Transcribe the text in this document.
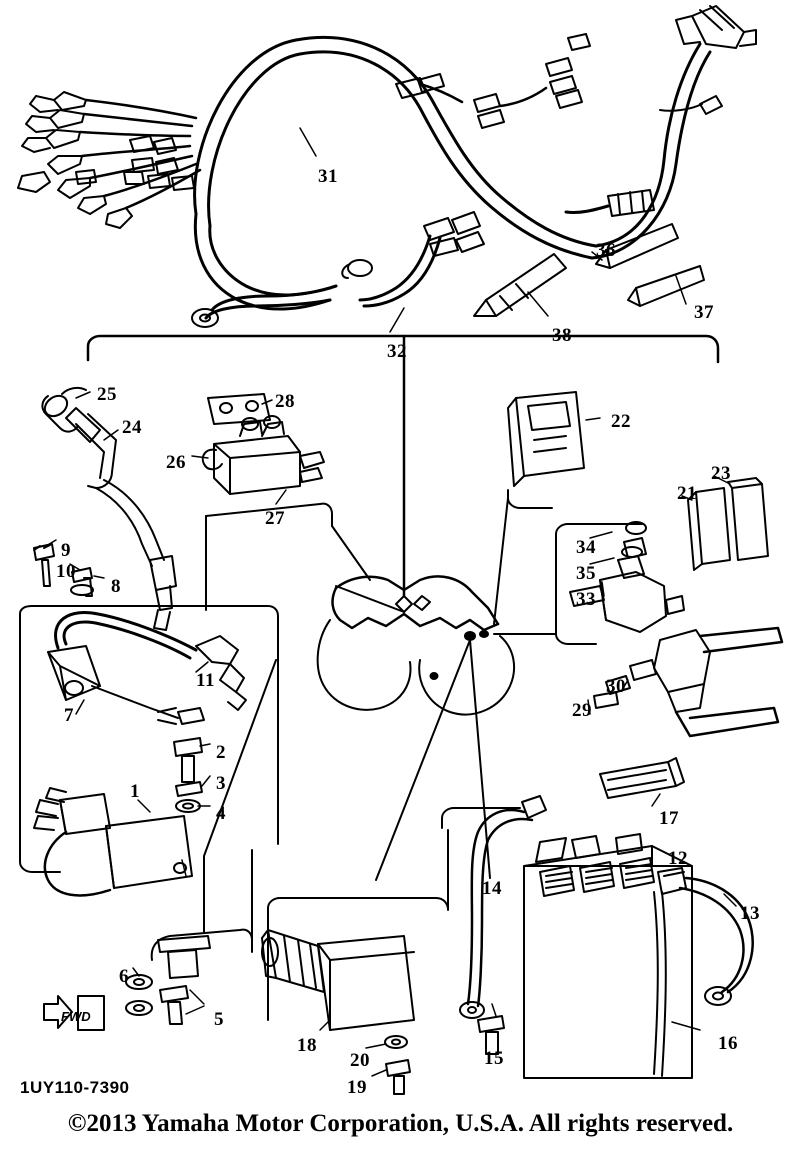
FWD
1
2
3
4
5
6
7
8
9
10
11
12
13
14
15
16
17
18
19
20
21
22
23
24
25
26
27
28
29
30
31
32
33
34
35
36
37
38
1UY110-7390
©2013 Yamaha Motor Corporation, U.S.A. All rights reserved.
